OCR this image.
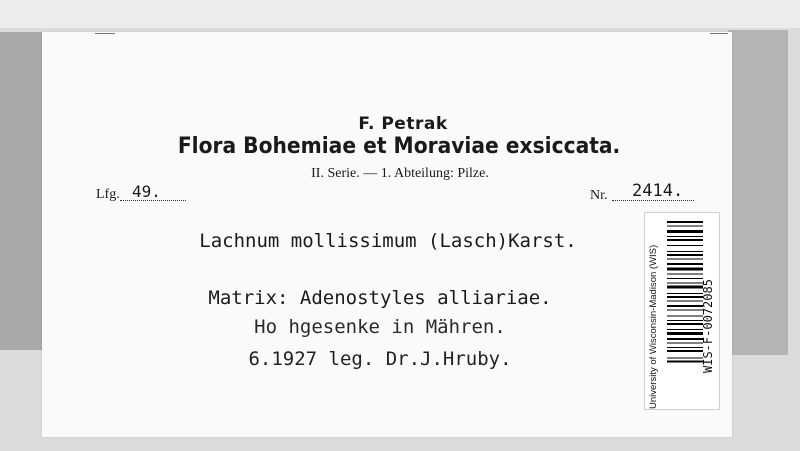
F. Petrak
Flora Bohemiae et Moraviae exsiccata.
II. Serie. — 1. Abteilung: Pilze.
Lfg. 49.	Nr.	2414.
Lachnum mollissimum (Lasch)Karst.
Matrix: Adenostyles alliariae.
Ho hgesenke in Mähren.
6.1927 leg. Dr.J.Hruby.	University of Wisconsin-Madison (WIS)	WIS-F-0072085
